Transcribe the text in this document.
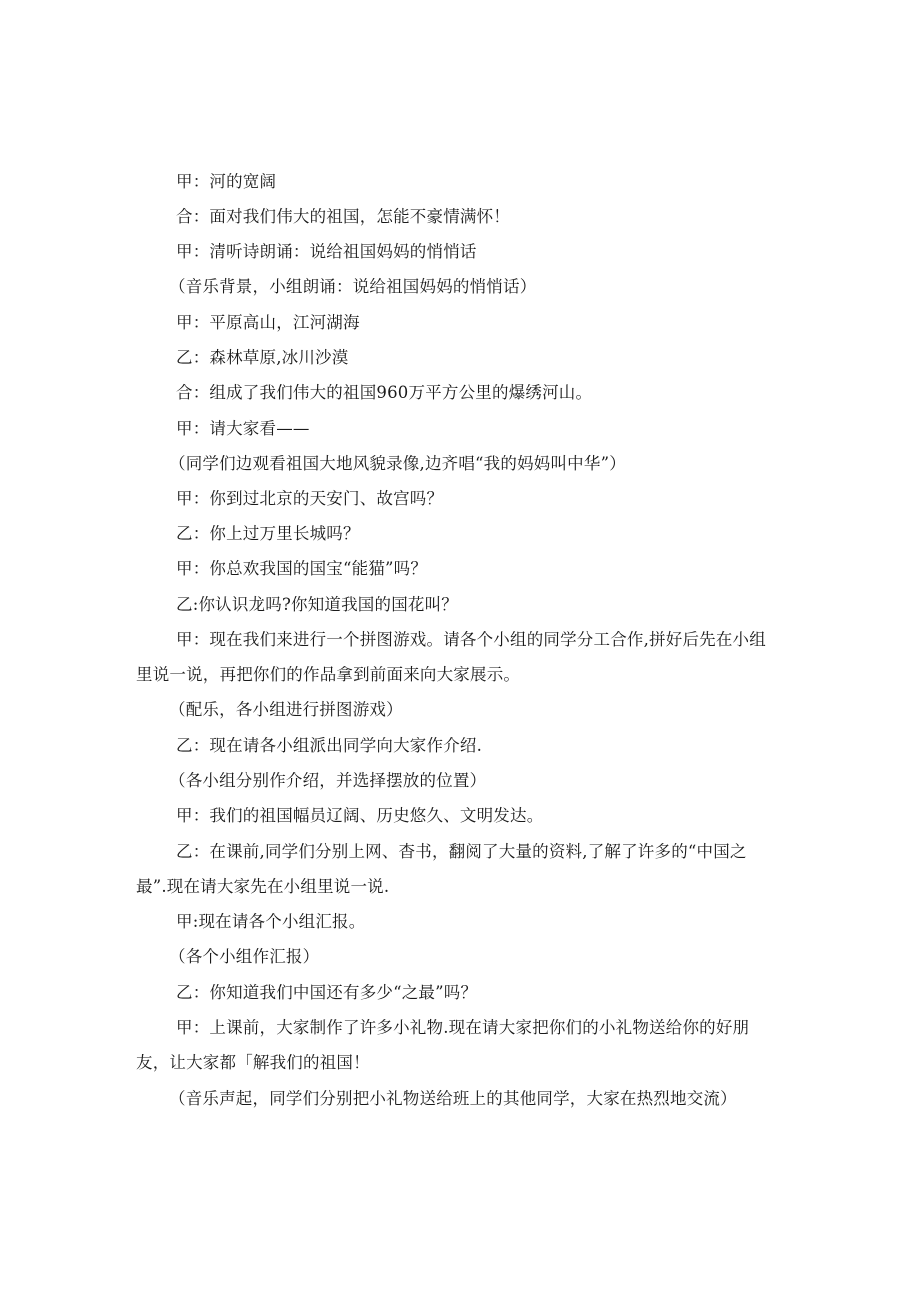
甲：河的宽阔
合：面对我们伟大的祖国，怎能不豪情满怀！
甲：清听诗朗诵：说给祖国妈妈的悄悄话
（音乐背景，小组朗诵：说给祖国妈妈的悄悄话）
甲：平原高山，江河湖海
乙：森林草原,冰川沙漠
合：组成了我们伟大的祖国960万平方公里的爆绣河山。
甲：请大家看——
（同学们边观看祖国大地风貌录像,边齐唱“我的妈妈叫中华”）
甲：你到过北京的天安门、故宫吗？
乙：你上过万里长城吗？
甲：你总欢我国的国宝“能猫”吗？
乙:你认识龙吗?你知道我国的国花叫？
甲：现在我们来进行一个拼图游戏。请各个小组的同学分工合作,拼好后先在小组
里说一说，再把你们的作品拿到前面来向大家展示。
（配乐，各小组进行拼图游戏）
乙：现在请各小组派出同学向大家作介绍.
（各小组分别作介绍，并选择摆放的位置）
甲：我们的祖国幅员辽阔、历史悠久、文明发达。
乙：在课前,同学们分别上网、杳书，翻阅了大量的资料,了解了许多的“中国之
最”.现在请大家先在小组里说一说.
甲:现在请各个小组汇报。
（各个小组作汇报）
乙：你知道我们中国还有多少“之最”吗？
甲：上课前，大家制作了许多小礼物.现在请大家把你们的小礼物送给你的好朋
友，让大家都「解我们的祖国！
（音乐声起，同学们分别把小礼物送给班上的其他同学，大家在热烈地交流）
